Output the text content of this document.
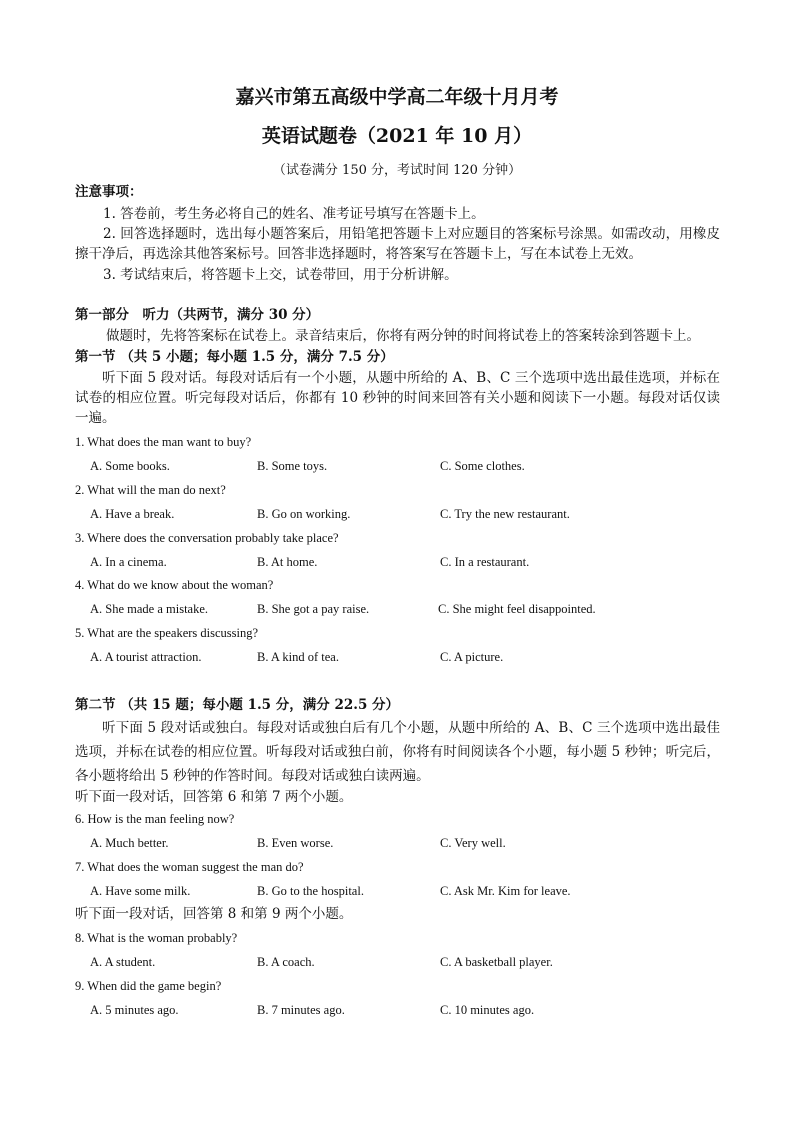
嘉兴市第五高级中学高二年级十月月考
英语试题卷（2021 年 10 月）
（试卷满分 150 分，考试时间 120 分钟）
注意事项：
1. 答卷前，考生务必将自己的姓名、准考证号填写在答题卡上。
2. 回答选择题时，选出每小题答案后，用铅笔把答题卡上对应题目的答案标号涂黑。如需改动，用橡皮擦干净后，再选涂其他答案标号。回答非选择题时，将答案写在答题卡上，写在本试卷上无效。
3. 考试结束后，将答题卡上交，试卷带回，用于分析讲解。
第一部分　听力（共两节，满分 30 分）
做题时，先将答案标在试卷上。录音结束后，你将有两分钟的时间将试卷上的答案转涂到答题卡上。
第一节 （共 5 小题；每小题 1.5 分，满分 7.5 分）
听下面 5 段对话。每段对话后有一个小题，从题中所给的 A、B、C 三个选项中选出最佳选项，并标在试卷的相应位置。听完每段对话后，你都有 10 秒钟的时间来回答有关小题和阅读下一小题。每段对话仅读一遍。
1. What does the man want to buy?
A. Some books.	B. Some toys.	C. Some clothes.
2. What will the man do next?
A. Have a break.	B. Go on working.	C. Try the new restaurant.
3. Where does the conversation probably take place?
A. In a cinema.	B. At home.	C. In a restaurant.
4. What do we know about the woman?
A. She made a mistake.	B. She got a pay raise.	C. She might feel disappointed.
5. What are the speakers discussing?
A. A tourist attraction.	B. A kind of tea.	C. A picture.
第二节 （共 15 题；每小题 1.5 分，满分 22.5 分）
听下面 5 段对话或独白。每段对话或独白后有几个小题，从题中所给的 A、B、C 三个选项中选出最佳选项，并标在试卷的相应位置。听每段对话或独白前，你将有时间阅读各个小题，每小题 5 秒钟；听完后，各小题将给出 5 秒钟的作答时间。每段对话或独白读两遍。
听下面一段对话，回答第 6 和第 7 两个小题。
6. How is the man feeling now?
A. Much better.	B. Even worse.	C. Very well.
7. What does the woman suggest the man do?
A. Have some milk.	B. Go to the hospital.	C. Ask Mr. Kim for leave.
听下面一段对话，回答第 8 和第 9 两个小题。
8. What is the woman probably?
A. A student.	B. A coach.	C. A basketball player.
9. When did the game begin?
A. 5 minutes ago.	B. 7 minutes ago.	C. 10 minutes ago.
